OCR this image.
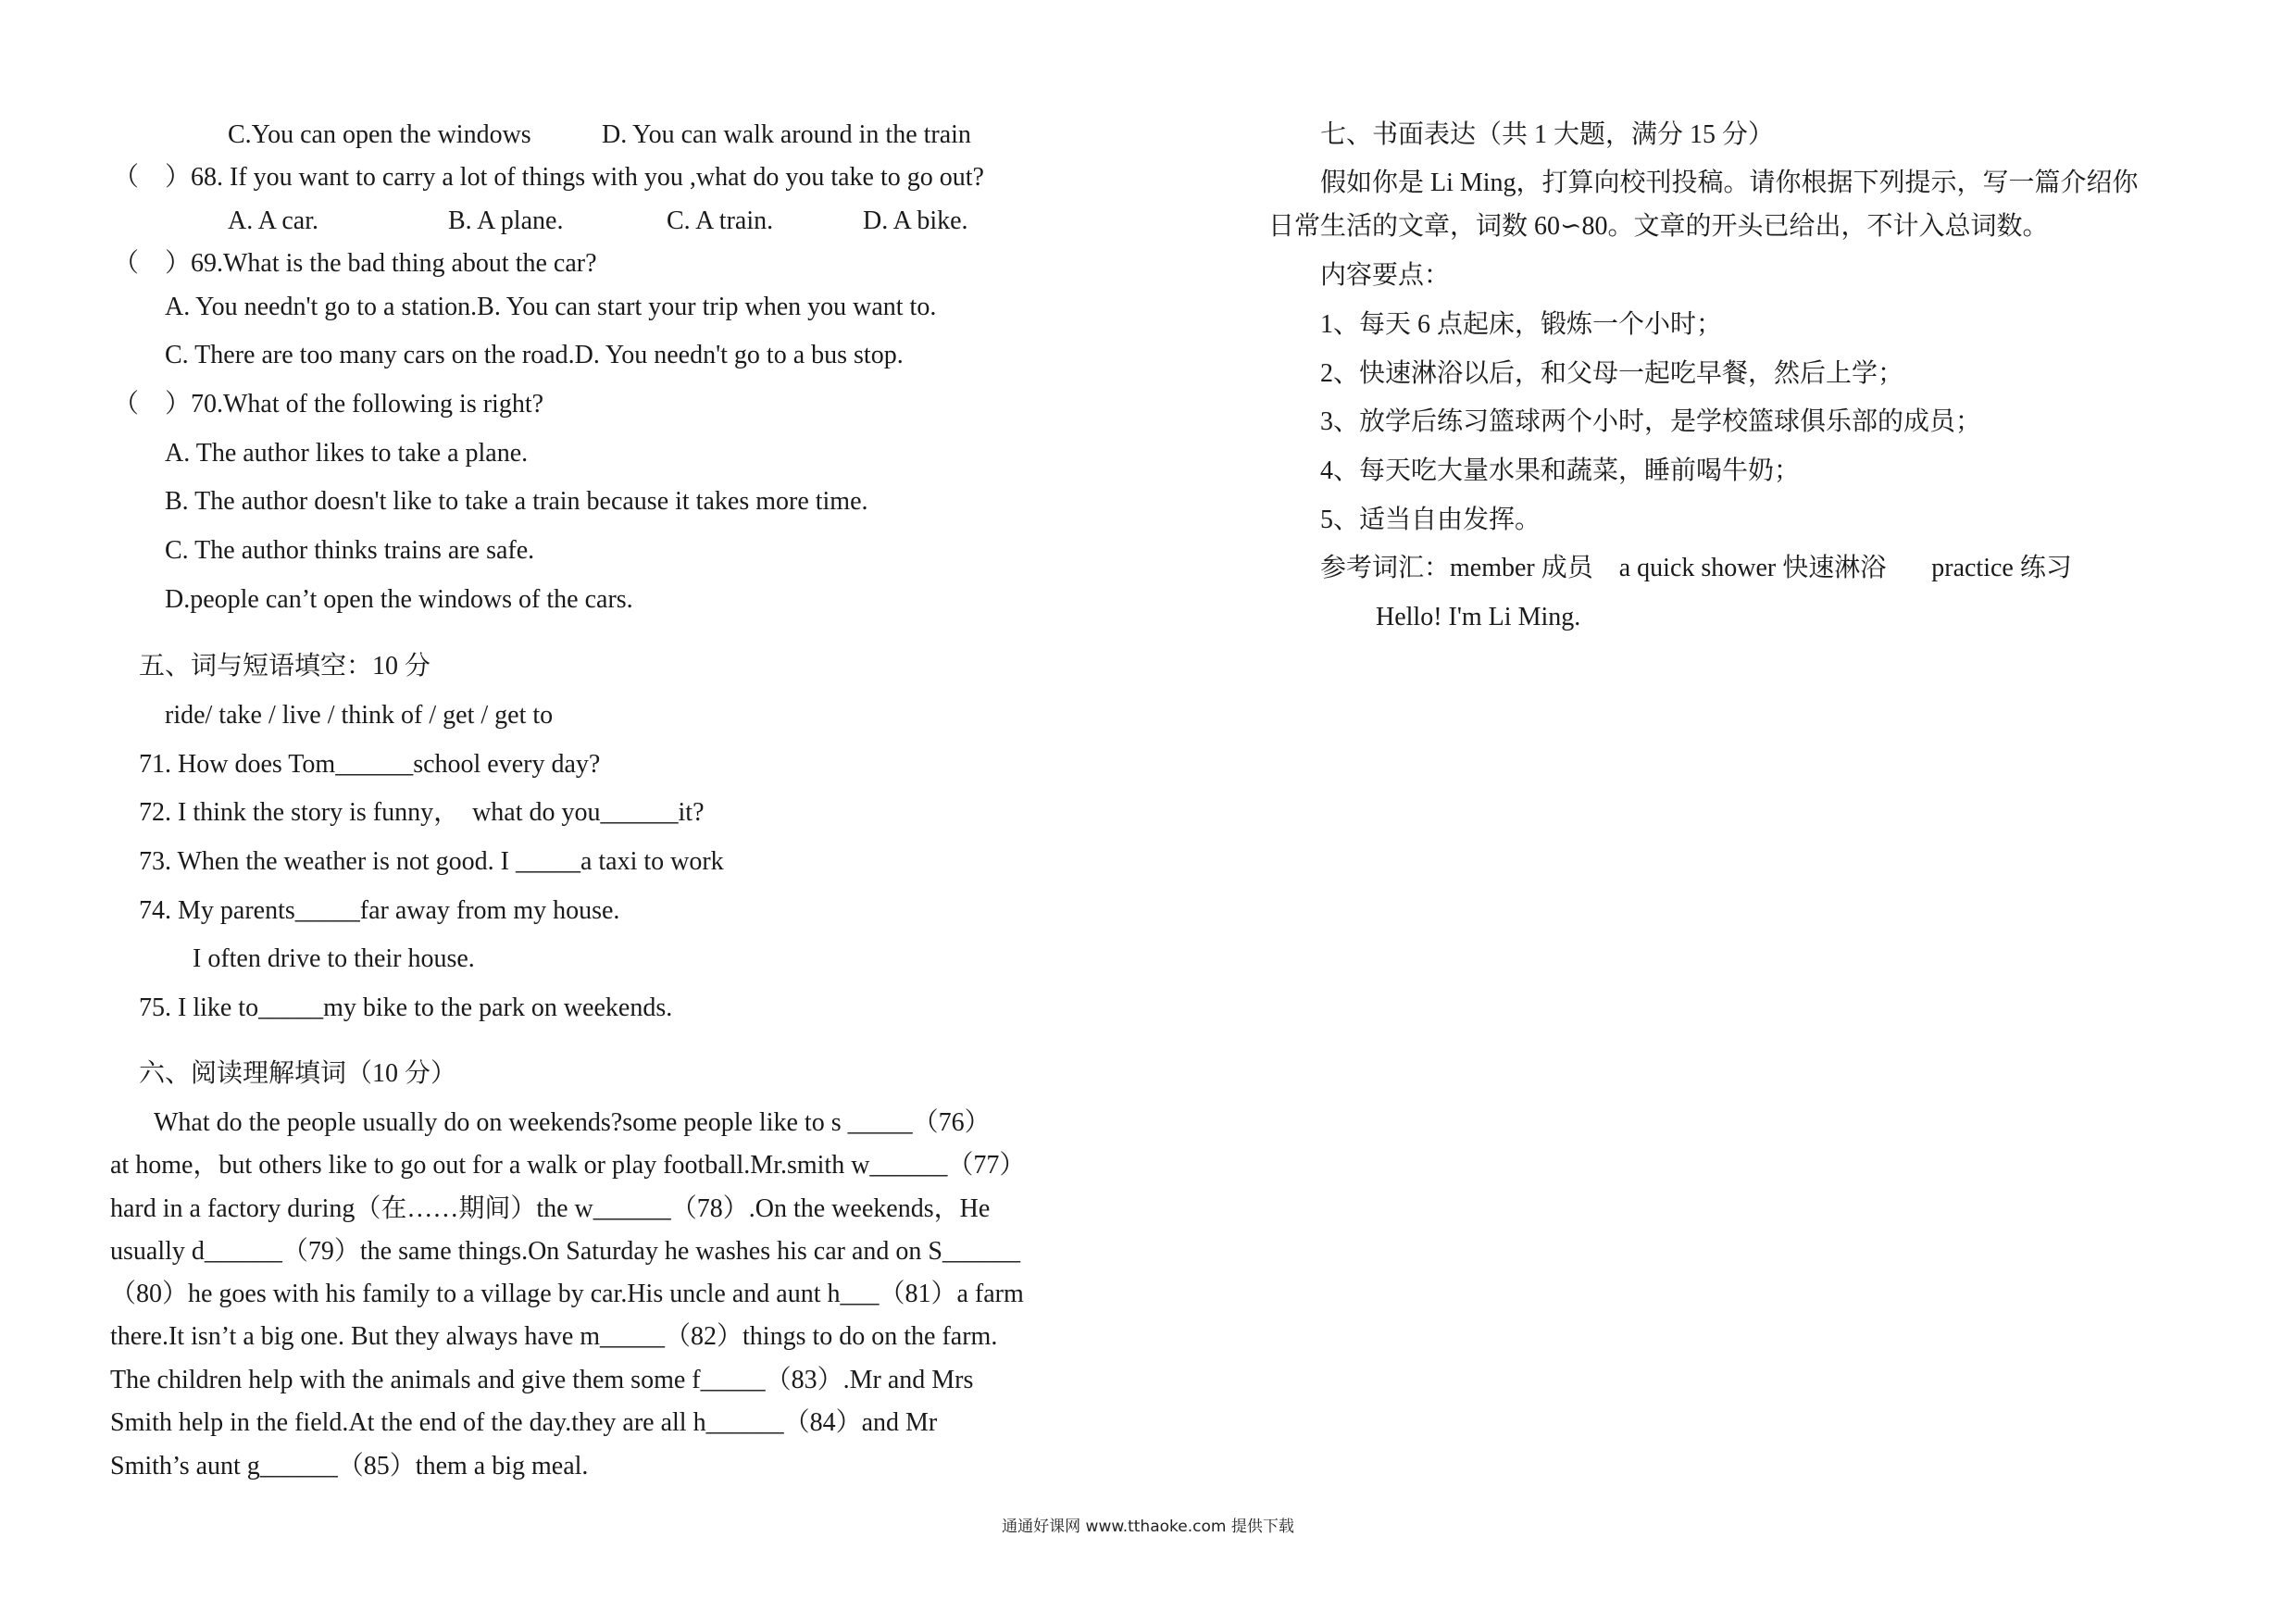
C.You can open the windows	D. You can walk around in the train
（    ）68. If you want to carry a lot of things with you ,what do you take to go out?
A. A car.	B. A plane.	C. A train.	D. A bike.
（    ）69.What is the bad thing about the car?
A. You needn't go to a station.B. You can start your trip when you want to.
C. There are too many cars on the road.D. You needn't go to a bus stop.
（    ）70.What of the following is right?
A. The author likes to take a plane.
B. The author doesn't like to take a train because it takes more time.
C. The author thinks trains are safe.
D.people can’t open the windows of the cars.
五、词与短语填空：10 分
ride/ take / live / think of / get / get to
71. How does Tom______school every day?
72. I think the story is funny，  what do you______it?
73. When the weather is not good. I _____a taxi to work
74. My parents_____far away from my house.
I often drive to their house.
75. I like to_____my bike to the park on weekends.
六、阅读理解填词（10 分）
What do the people usually do on weekends?some people like to s _____（76）
at home，but others like to go out for a walk or play football.Mr.smith w______（77）
hard in a factory during（在……期间）the w______（78）.On the weekends，He
usually d______（79）the same things.On Saturday he washes his car and on S______
（80）he goes with his family to a village by car.His uncle and aunt h___（81）a farm
there.It isn’t a big one. But they always have m_____（82）things to do on the farm.
The children help with the animals and give them some f_____（83）.Mr and Mrs
Smith help in the field.At the end of the day.they are all h______（84）and Mr
Smith’s aunt g______（85）them a big meal.
七、书面表达（共 1 大题，满分 15 分）
假如你是 Li Ming，打算向校刊投稿。请你根据下列提示，写一篇介绍你
日常生活的文章，词数 60∽80。文章的开头已给出，不计入总词数。
内容要点：
1、每天 6 点起床，锻炼一个小时；
2、快速淋浴以后，和父母一起吃早餐，然后上学；
3、放学后练习篮球两个小时，是学校篮球俱乐部的成员；
4、每天吃大量水果和蔬菜，睡前喝牛奶；
5、适当自由发挥。
参考词汇：member 成员    a quick shower 快速淋浴       practice 练习
Hello! I'm Li Ming.
通通好课网 www.tthaoke.com 提供下载
